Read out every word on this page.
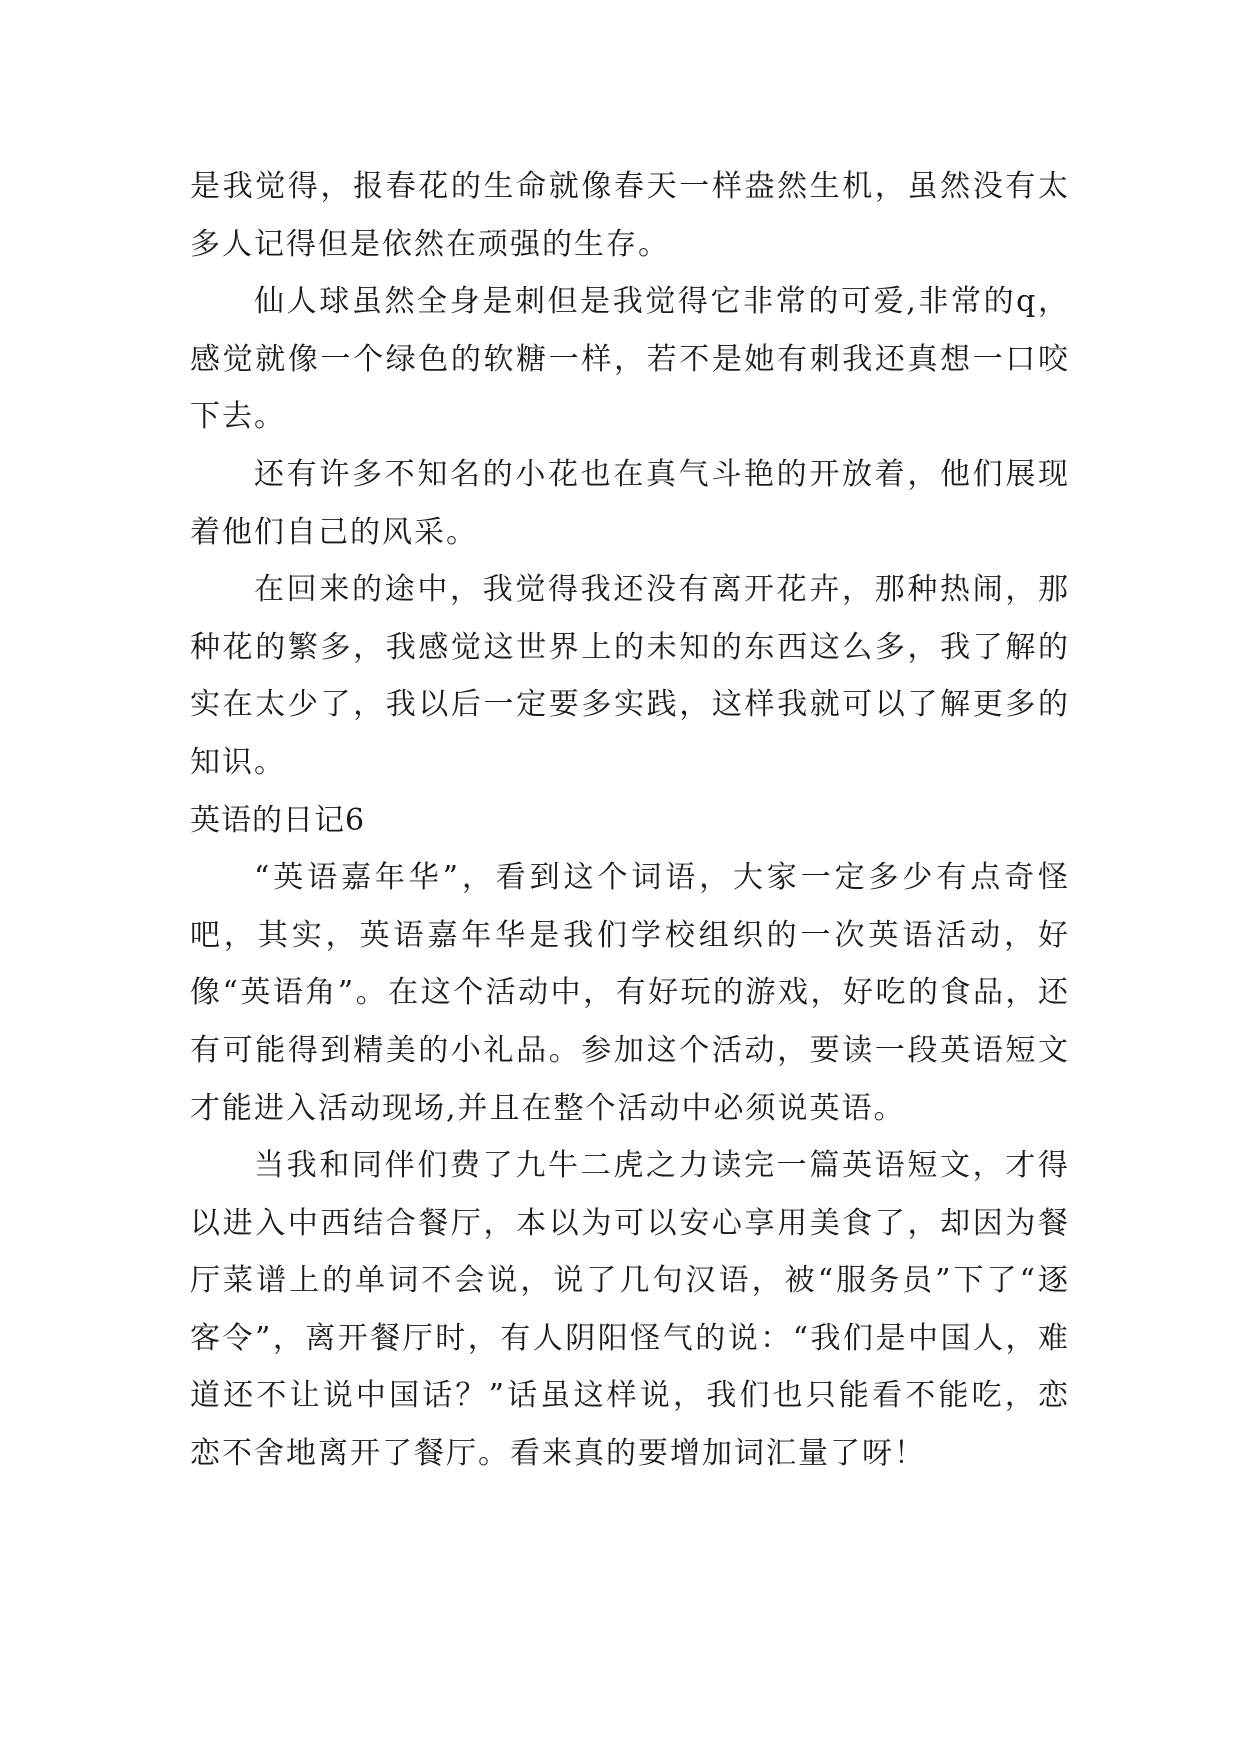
是我觉得，报春花的生命就像春天一样盎然生机，虽然没有太多人记得但是依然在顽强的生存。

仙人球虽然全身是刺但是我觉得它非常的可爱,非常的q，感觉就像一个绿色的软糖一样，若不是她有刺我还真想一口咬下去。

还有许多不知名的小花也在真气斗艳的开放着，他们展现着他们自己的风采。

在回来的途中，我觉得我还没有离开花卉，那种热闹，那种花的繁多，我感觉这世界上的未知的东西这么多，我了解的实在太少了，我以后一定要多实践，这样我就可以了解更多的知识。

英语的日记6

“英语嘉年华”，看到这个词语，大家一定多少有点奇怪吧，其实，英语嘉年华是我们学校组织的一次英语活动，好像“英语角”。在这个活动中，有好玩的游戏，好吃的食品，还有可能得到精美的小礼品。参加这个活动，要读一段英语短文才能进入活动现场,并且在整个活动中必须说英语。

当我和同伴们费了九牛二虎之力读完一篇英语短文，才得以进入中西结合餐厅，本以为可以安心享用美食了，却因为餐厅菜谱上的单词不会说，说了几句汉语，被“服务员”下了“逐客令”，离开餐厅时，有人阴阳怪气的说：“我们是中国人，难道还不让说中国话？”话虽这样说，我们也只能看不能吃，恋恋不舍地离开了餐厅。看来真的要增加词汇量了呀！
